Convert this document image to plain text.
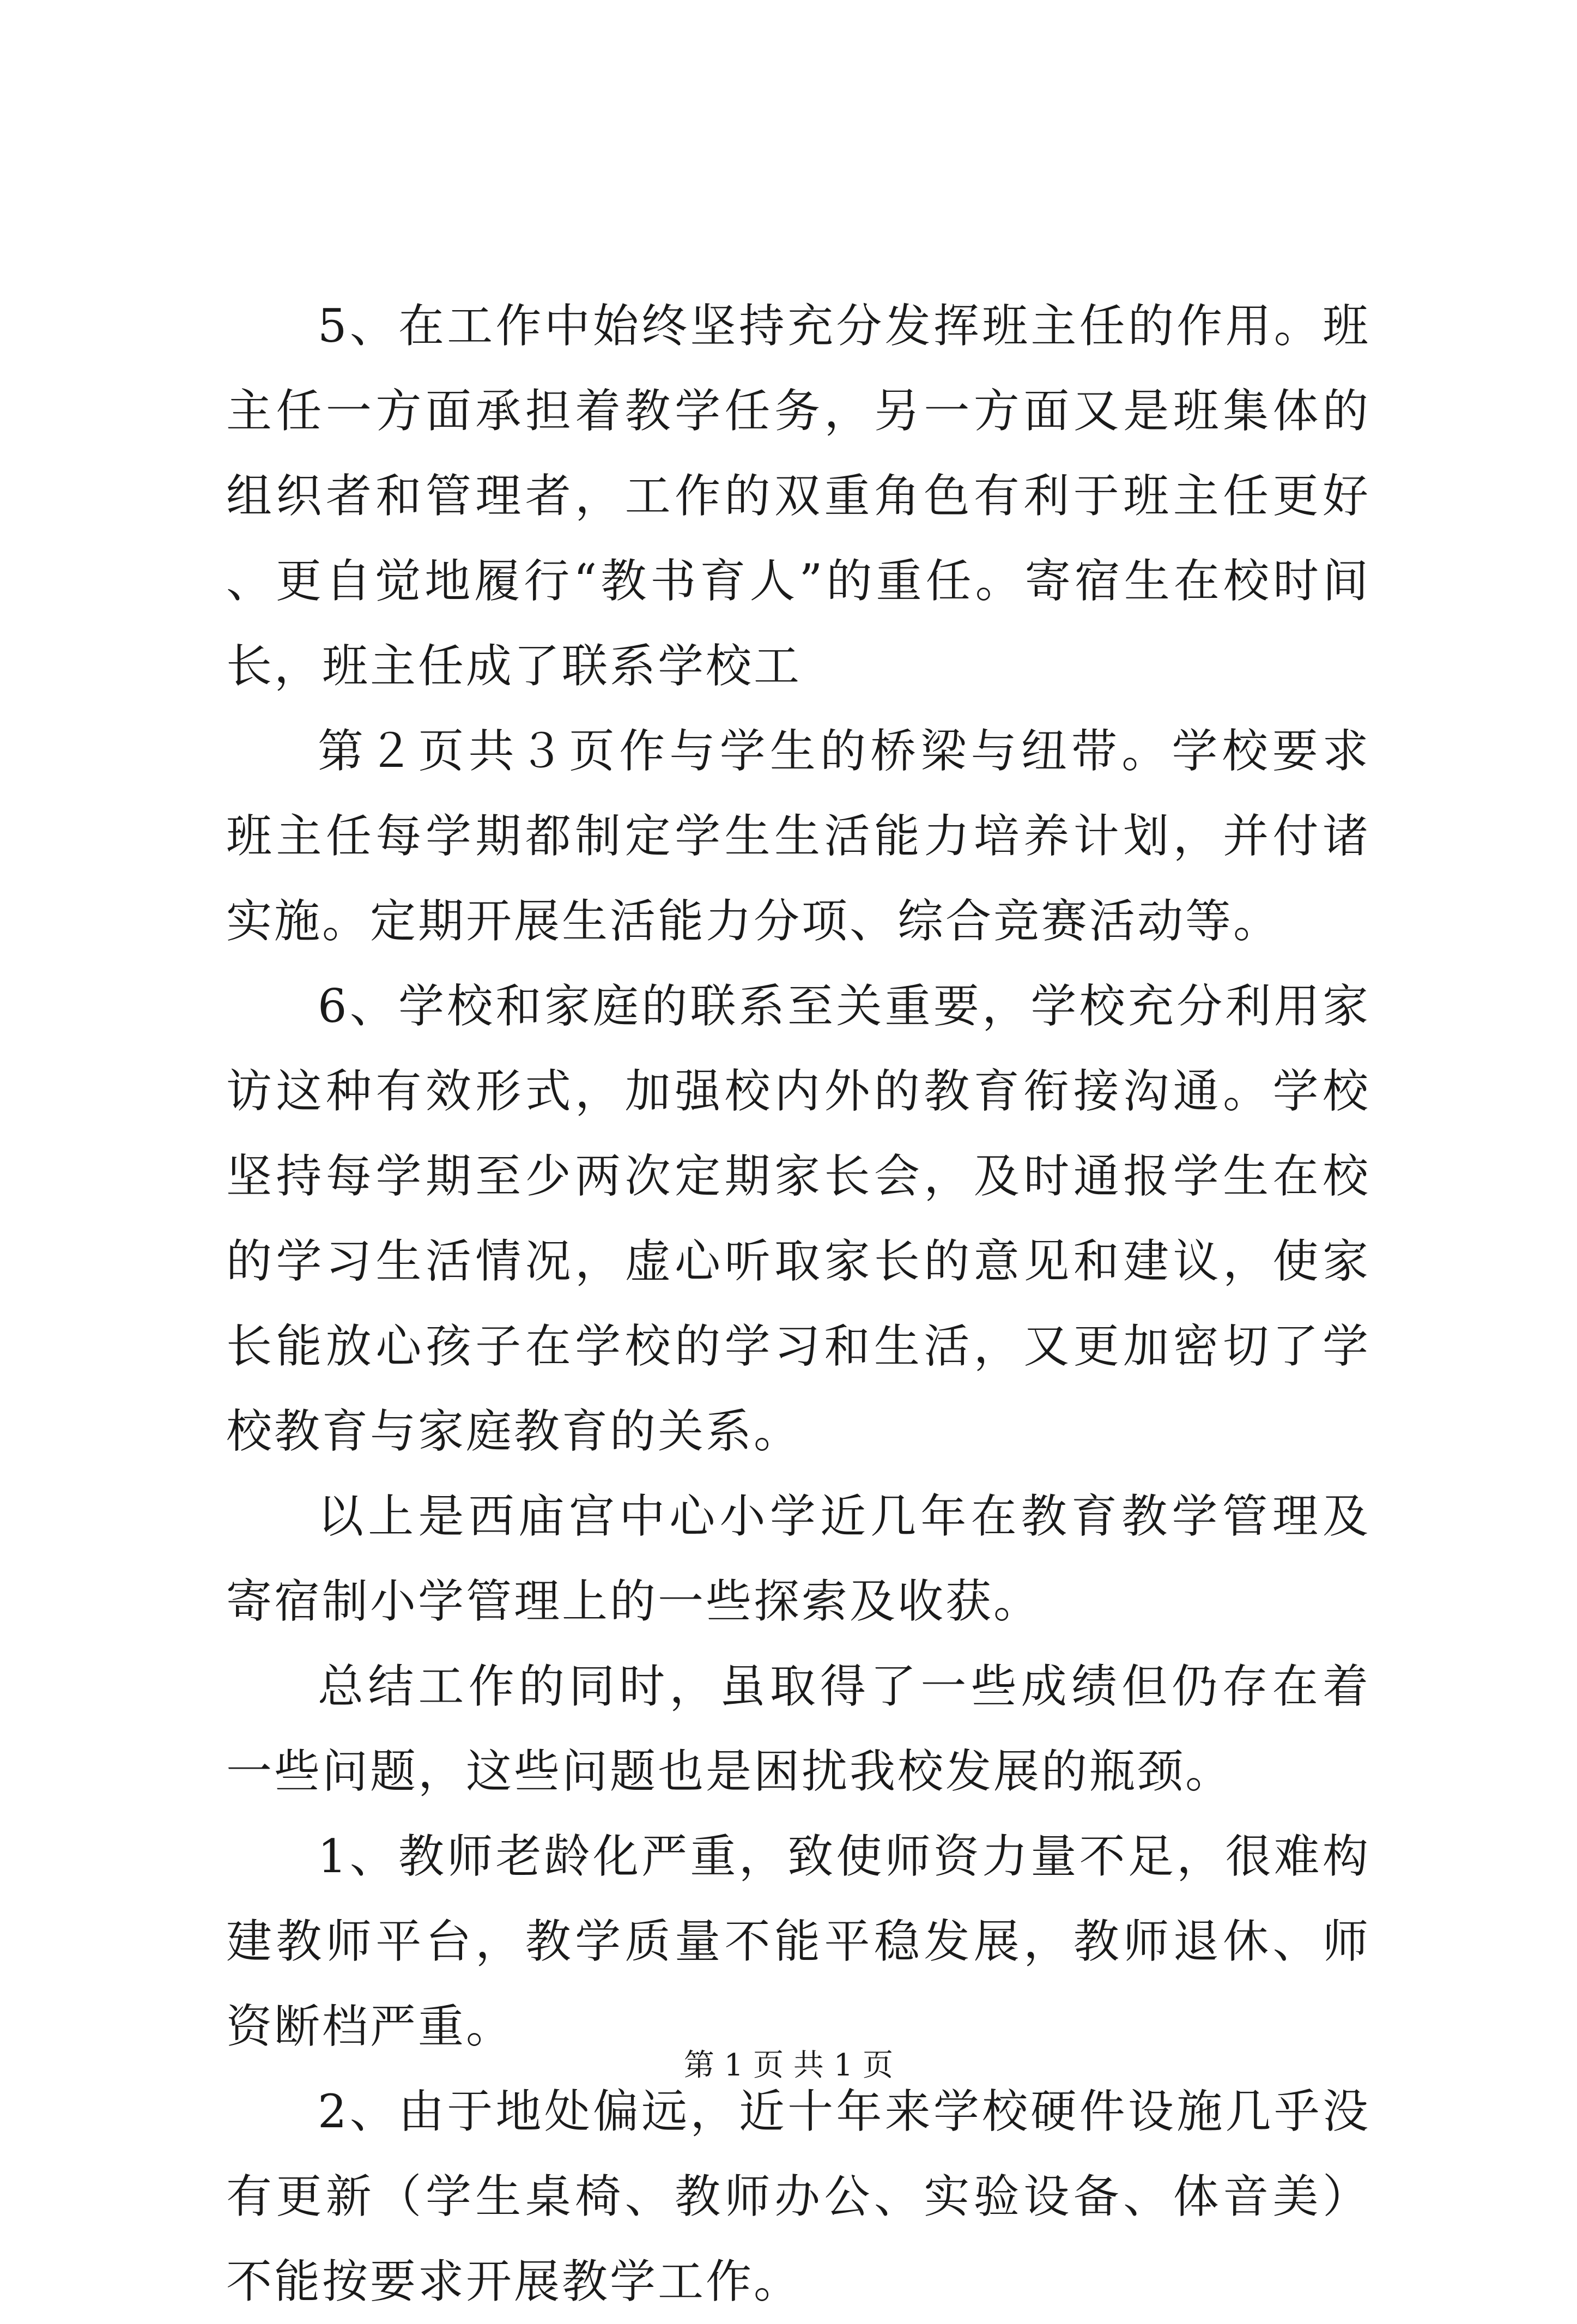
5、在工作中始终坚持充分发挥班主任的作用。班主任一方面承担着教学任务，另一方面又是班集体的组织者和管理者，工作的双重角色有利于班主任更好、更自觉地履行“教书育人”的重任。寄宿生在校时间长，班主任成了联系学校工

第２页共３页作与学生的桥梁与纽带。学校要求班主任每学期都制定学生生活能力培养计划，并付诸实施。定期开展生活能力分项、综合竞赛活动等。

6、学校和家庭的联系至关重要，学校充分利用家访这种有效形式，加强校内外的教育衔接沟通。学校坚持每学期至少两次定期家长会，及时通报学生在校的学习生活情况，虚心听取家长的意见和建议，使家长能放心孩子在学校的学习和生活，又更加密切了学校教育与家庭教育的关系。

以上是西庙宫中心小学近几年在教育教学管理及寄宿制小学管理上的一些探索及收获。

总结工作的同时，虽取得了一些成绩但仍存在着一些问题，这些问题也是困扰我校发展的瓶颈。

1、教师老龄化严重，致使师资力量不足，很难构建教师平台，教学质量不能平稳发展，教师退休、师资断档严重。

2、由于地处偏远，近十年来学校硬件设施几乎没有更新（学生桌椅、教师办公、实验设备、体音美）不能按要求开展教学工作。

第 1 页 共 1 页
